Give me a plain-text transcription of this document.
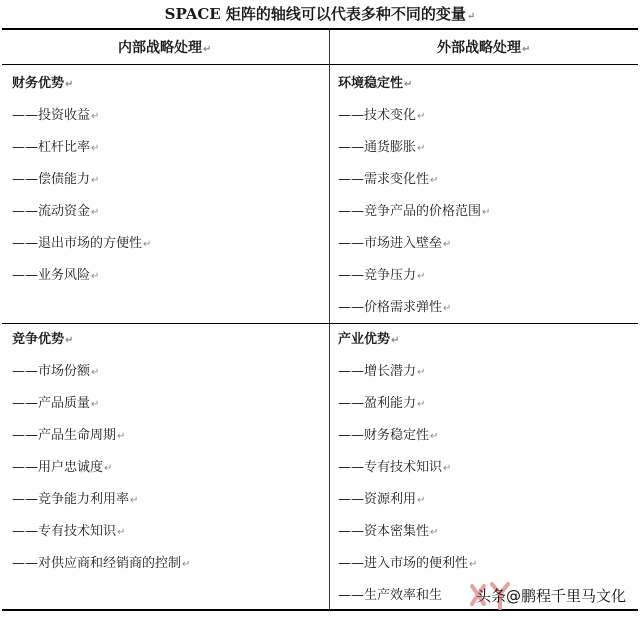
SPACE 矩阵的轴线可以代表多种不同的变量↵
内部战略处理↵	外部战略处理↵
财务优势↵
——投资收益↵
——杠杆比率↵
——偿债能力↵
——流动资金↵
——退出市场的方便性↵
——业务风险↵
环境稳定性↵
——技术变化↵
——通货膨胀↵
——需求变化性↵
——竞争产品的价格范围↵
——市场进入壁垒↵
——竞争压力↵
——价格需求弹性↵
竞争优势↵
——市场份额↵
——产品质量↵
——产品生命周期↵
——用户忠诚度↵
——竞争能力利用率↵
——专有技术知识↵
——对供应商和经销商的控制↵
产业优势↵
——增长潜力↵
——盈利能力↵
——财务稳定性↵
——专有技术知识↵
——资源利用↵
——资本密集性↵
——进入市场的便利性↵
——生产效率和生	头条@鹏程千里马文化
